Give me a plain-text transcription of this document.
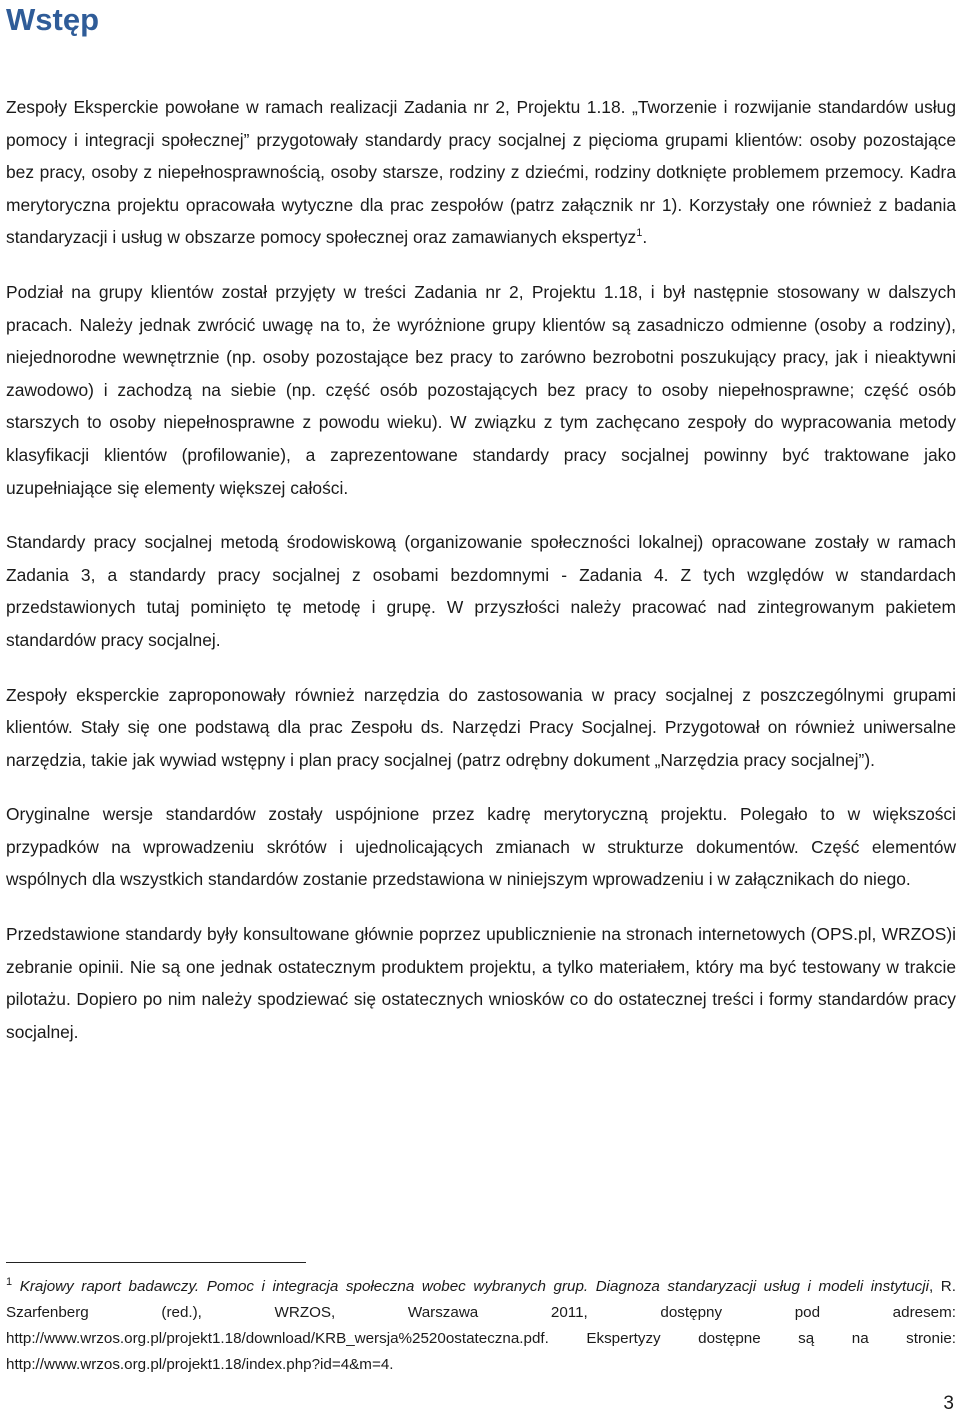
Wstęp

Zespoły Eksperckie powołane w ramach realizacji Zadania nr 2, Projektu 1.18. „Tworzenie i rozwijanie standardów usług pomocy i integracji społecznej” przygotowały standardy pracy socjalnej z pięcioma grupami klientów: osoby pozostające bez pracy, osoby z niepełnosprawnością, osoby starsze, rodziny z dziećmi, rodziny dotknięte problemem przemocy. Kadra merytoryczna projektu opracowała wytyczne dla prac zespołów (patrz załącznik nr 1). Korzystały one również z badania standaryzacji i usług w obszarze pomocy społecznej oraz zamawianych ekspertyz$^1$.

Podział na grupy klientów został przyjęty w treści Zadania nr 2, Projektu 1.18, i był następnie stosowany w dalszych pracach. Należy jednak zwrócić uwagę na to, że wyróżnione grupy klientów są zasadniczo odmienne (osoby a rodziny), niejednorodne wewnętrznie (np. osoby pozostające bez pracy to zarówno bezrobotni poszukujący pracy, jak i nieaktywni zawodowo) i zachodzą na siebie (np. część osób pozostających bez pracy to osoby niepełnosprawne; część osób starszych to osoby niepełnosprawne z powodu wieku). W związku z tym zachęcano zespoły do wypracowania metody klasyfikacji klientów (profilowanie), a zaprezentowane standardy pracy socjalnej powinny być traktowane jako uzupełniające się elementy większej całości.

Standardy pracy socjalnej metodą środowiskową (organizowanie społeczności lokalnej) opracowane zostały w ramach Zadania 3, a standardy pracy socjalnej z osobami bezdomnymi - Zadania 4. Z tych względów w standardach przedstawionych tutaj pominięto tę metodę i grupę. W przyszłości należy pracować nad zintegrowanym pakietem standardów pracy socjalnej.

Zespoły eksperckie zaproponowały również narzędzia do zastosowania w pracy socjalnej z poszczególnymi grupami klientów. Stały się one podstawą dla prac Zespołu ds. Narzędzi Pracy Socjalnej. Przygotował on również uniwersalne narzędzia, takie jak wywiad wstępny i plan pracy socjalnej (patrz odrębny dokument „Narzędzia pracy socjalnej”).

Oryginalne wersje standardów zostały uspójnione przez kadrę merytoryczną projektu. Polegało to w większości przypadków na wprowadzeniu skrótów i ujednolicających zmianach w strukturze dokumentów. Część elementów wspólnych dla wszystkich standardów zostanie przedstawiona w niniejszym wprowadzeniu i w załącznikach do niego.

Przedstawione standardy były konsultowane głównie poprzez upublicznienie na stronach internetowych (OPS.pl, WRZOS)i zebranie opinii. Nie są one jednak ostatecznym produktem projektu, a tylko materiałem, który ma być testowany w trakcie pilotażu. Dopiero po nim należy spodziewać się ostatecznych wniosków co do ostatecznej treści i formy standardów pracy socjalnej.

$^1$ Krajowy raport badawczy. Pomoc i integracja społeczna wobec wybranych grup. Diagnoza standaryzacji usług i modeli instytucji, R. Szarfenberg (red.), WRZOS, Warszawa 2011, dostępny pod adresem: http://www.wrzos.org.pl/projekt1.18/download/KRB_wersja%2520ostateczna.pdf. Ekspertyzy dostępne są na stronie: http://www.wrzos.org.pl/projekt1.18/index.php?id=4&m=4.

3
